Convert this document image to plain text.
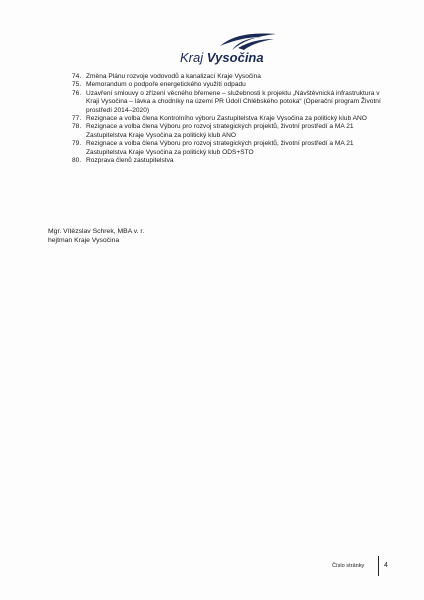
Kraj Vysočina
74. Změna Plánu rozvoje vodovodů a kanalizací Kraje Vysočina
75. Memorandum o podpoře energetického využití odpadu
76. Uzavření smlouvy o zřízení věcného břemene – služebnosti k projektu „Návštěvnická infrastruktura v Kraji Vysočina – lávka a chodníky na území PR Údolí Chlébského potoka“ (Operační program Životní prostředí 2014–2020)
77. Rezignace a volba člena Kontrolního výboru Zastupitelstva Kraje Vysočina za politický klub ANO
78. Rezignace a volba člena Výboru pro rozvoj strategických projektů, životní prostředí a MA 21 Zastupitelstva Kraje Vysočina za politický klub ANO
79. Rezignace a volba člena Výboru pro rozvoj strategických projektů, životní prostředí a MA 21 Zastupitelstva Kraje Vysočina za politický klub ODS+STO
80. Rozprava členů zastupitelstva
Mgr. Vítězslav Schrek, MBA v. r.
hejtman Kraje Vysočina
Číslo stránky	4
